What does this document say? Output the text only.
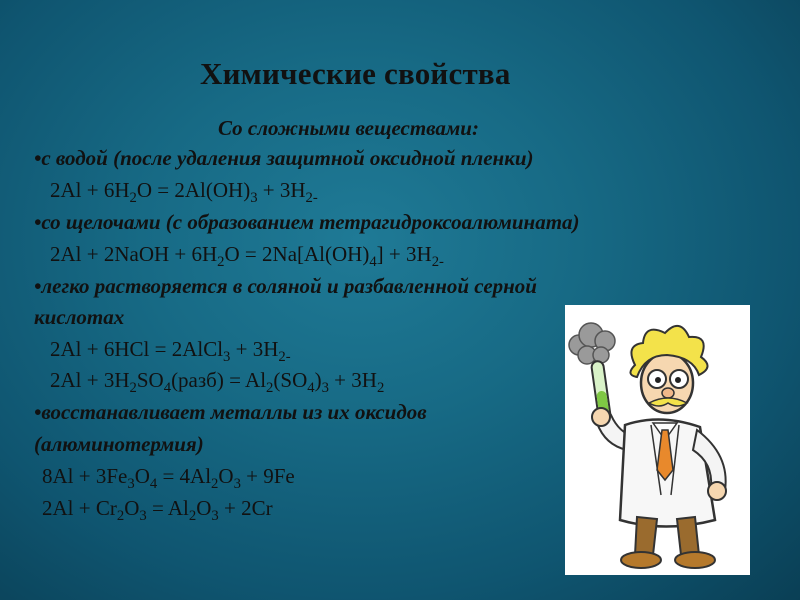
Химические свойства
Со сложными веществами:
•с водой (после удаления защитной оксидной пленки)
$2Al + 6H_2O = 2Al(OH)_3 + 3H_{2-}$
•со щелочами (с образованием тетрагидроксоалюмината)
2Al + 2NaOH + $6H_2O = 2Na[Al(OH)_4] + 3H_{2-}$
•легко растворяется в соляной и разбавленной серной
кислотах
2Al + 6HCl = 2AlCl$_3$ + $3H_{2-}$
$2Al + 3H_2SO_4(разб) = Al_2(SO_4)_3 + 3H_2$
•восстанавливает металлы из их оксидов
(алюминотермия)
$8Al + 3Fe_3O_4 = 4Al_2O_3 + 9Fe$
$2Al + Cr_2O_3 = Al_2O_3 + 2Cr$
